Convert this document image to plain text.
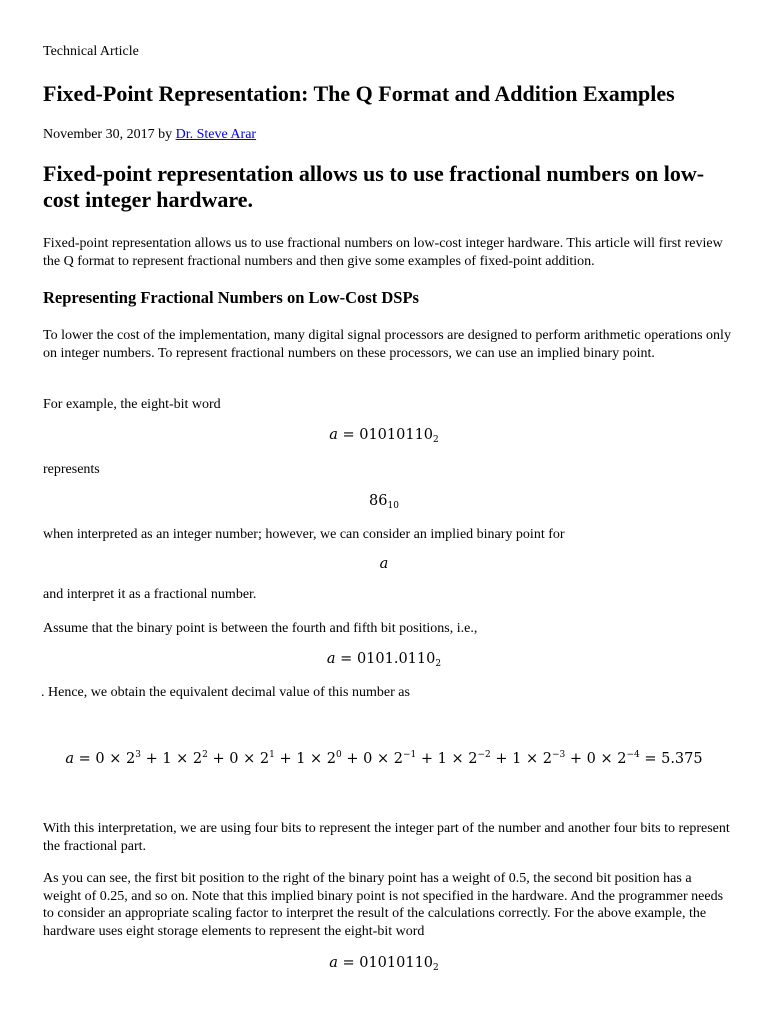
Technical Article
Fixed-Point Representation: The Q Format and Addition Examples
November 30, 2017 by Dr. Steve Arar
Fixed-point representation allows us to use fractional numbers on low-cost integer hardware.

Fixed-point representation allows us to use fractional numbers on low-cost integer hardware. This article will first review the Q format to represent fractional numbers and then give some examples of fixed-point addition.

Representing Fractional Numbers on Low-Cost DSPs

To lower the cost of the implementation, many digital signal processors are designed to perform arithmetic operations only on integer numbers. To represent fractional numbers on these processors, we can use an implied binary point.

For example, the eight-bit word

$a = 01010110_2$

represents

$86_{10}$

when interpreted as an integer number; however, we can consider an implied binary point for

a

and interpret it as a fractional number.

Assume that the binary point is between the fourth and fifth bit positions, i.e.,

$a = 0101.0110_2$

. Hence, we obtain the equivalent decimal value of this number as

$a = 0 \times 2^3 + 1 \times 2^2 + 0 \times 2^1 + 1 \times 2^0 + 0 \times 2^{-1} + 1 \times 2^{-2} + 1 \times 2^{-3} + 0 \times 2^{-4} = 5.375$

With this interpretation, we are using four bits to represent the integer part of the number and another four bits to represent the fractional part.

As you can see, the first bit position to the right of the binary point has a weight of 0.5, the second bit position has a weight of 0.25, and so on. Note that this implied binary point is not specified in the hardware. And the programmer needs to consider an appropriate scaling factor to interpret the result of the calculations correctly. For the above example, the hardware uses eight storage elements to represent the eight-bit word

$a = 01010110_2$
